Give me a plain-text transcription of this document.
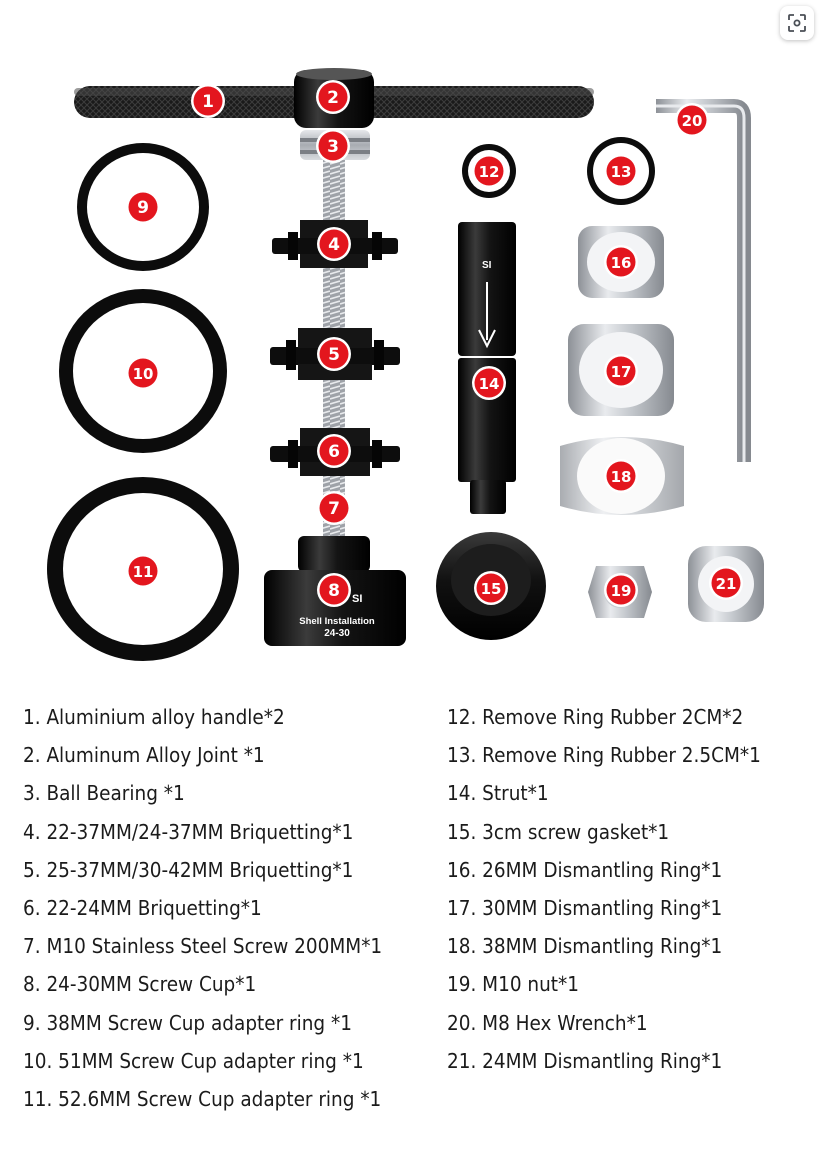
SI
Shell Installation
24-30
SI
1	2
3
4
5
6
7
8
9
10
11
12	13
14
15
16
17
18
19
20
21
1. Aluminium alloy handle*2
2. Aluminum Alloy Joint *1
3. Ball Bearing *1
4. 22-37MM/24-37MM Briquetting*1
5. 25-37MM/30-42MM Briquetting*1
6. 22-24MM Briquetting*1
7. M10 Stainless Steel Screw 200MM*1
8. 24-30MM Screw Cup*1
9. 38MM Screw Cup adapter ring *1
10. 51MM Screw Cup adapter ring *1
11. 52.6MM Screw Cup adapter ring *1
12. Remove Ring Rubber 2CM*2
13. Remove Ring Rubber 2.5CM*1
14. Strut*1
15. 3cm screw gasket*1
16. 26MM Dismantling Ring*1
17. 30MM Dismantling Ring*1
18. 38MM Dismantling Ring*1
19. M10 nut*1
20. M8 Hex Wrench*1
21. 24MM Dismantling Ring*1
